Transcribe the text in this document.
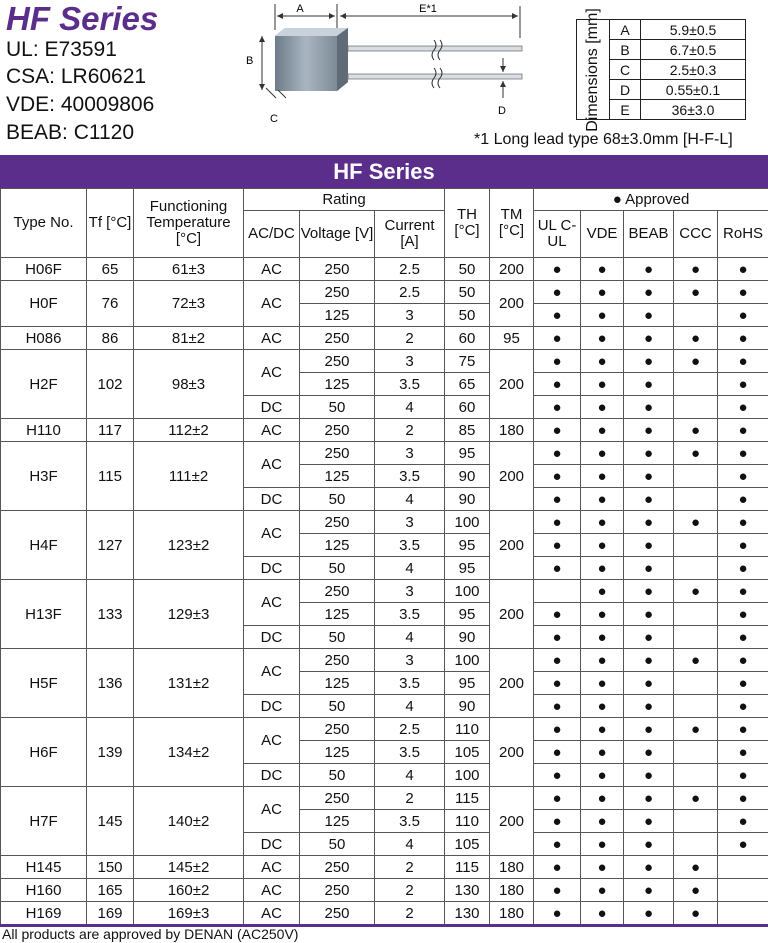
HF Series
UL: E73591
CSA: LR60621
VDE: 40009806
BEAB: C1120
A	E*1
B
D
C	Dimensions [mm]	A	5.9±0.5
	B	6.7±0.5
	C	2.5±0.3
	D	0.55±0.1
	E	36±3.0
*1 Long lead type 68±3.0mm [H-F-L]
HF Series
Type No.	Tf [°C]	Functioning Temperature [°C]	Rating			TH [°C]	TM [°C]	● Approved				
			AC/DC	Voltage [V]	Current [A]			UL C-UL	VDE	BEAB	CCC	RoHS
H06F	65	61±3	AC	250	2.5	50	200	●	●	●	●	●
H0F	76	72±3	AC	250	2.5	50	200	●	●	●	●	●
				125	3	50		●	●	●		●
H086	86	81±2	AC	250	2	60	95	●	●	●	●	●
H2F	102	98±3	AC	250	3	75	200	●	●	●	●	●
				125	3.5	65		●	●	●		●
			DC	50	4	60		●	●	●		●
H110	117	112±2	AC	250	2	85	180	●	●	●	●	●
H3F	115	111±2	AC	250	3	95	200	●	●	●	●	●
				125	3.5	90		●	●	●		●
			DC	50	4	90		●	●	●		●
H4F	127	123±2	AC	250	3	100	200	●	●	●	●	●
				125	3.5	95		●	●	●		●
			DC	50	4	95		●	●	●		●
H13F	133	129±3	AC	250	3	100	200		●	●	●	●
				125	3.5	95		●	●	●		●
			DC	50	4	90		●	●	●		●
H5F	136	131±2	AC	250	3	100	200	●	●	●	●	●
				125	3.5	95		●	●	●		●
			DC	50	4	90		●	●	●		●
H6F	139	134±2	AC	250	2.5	110	200	●	●	●	●	●
				125	3.5	105		●	●	●		●
			DC	50	4	100		●	●	●		●
H7F	145	140±2	AC	250	2	115	200	●	●	●	●	●
				125	3.5	110		●	●	●		●
			DC	50	4	105		●	●	●		●
H145	150	145±2	AC	250	2	115	180	●	●	●	●	
H160	165	160±2	AC	250	2	130	180	●	●	●	●	
H169	169	169±3	AC	250	2	130	180	●	●	●	●	
All products are approved by DENAN (AC250V)
